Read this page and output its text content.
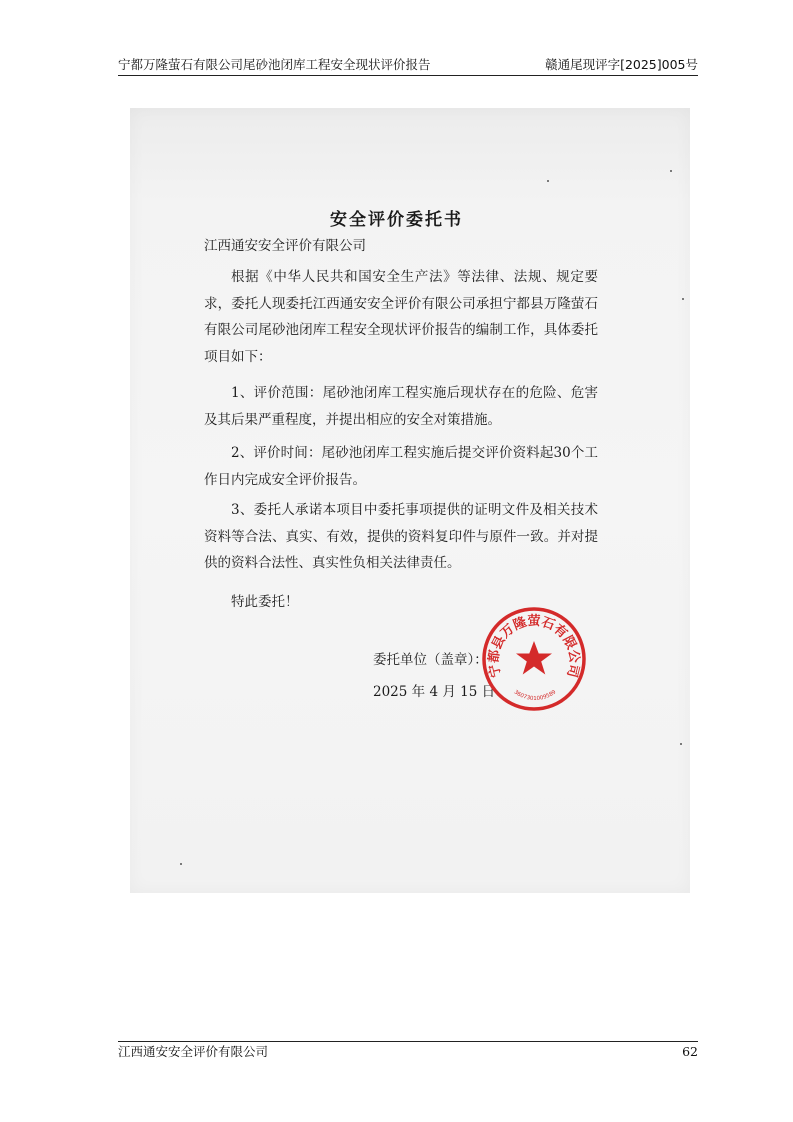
宁都万隆萤石有限公司尾砂池闭库工程安全现状评价报告	赣通尾现评字[2025]005号
安全评价委托书
江西通安安全评价有限公司
根据《中华人民共和国安全生产法》等法律、法规、规定要求，委托人现委托江西通安安全评价有限公司承担宁都县万隆萤石有限公司尾砂池闭库工程安全现状评价报告的编制工作，具体委托项目如下：
1、评价范围：尾砂池闭库工程实施后现状存在的危险、危害及其后果严重程度，并提出相应的安全对策措施。
2、评价时间：尾砂池闭库工程实施后提交评价资料起30个工作日内完成安全评价报告。
3、委托人承诺本项目中委托事项提供的证明文件及相关技术资料等合法、真实、有效，提供的资料复印件与原件一致。并对提供的资料合法性、真实性负相关法律责任。
特此委托！
委托单位（盖章）：
2025 年 4 月 15 日
宁都县万隆萤石有限公司
3607301009589
江西通安安全评价有限公司	62
